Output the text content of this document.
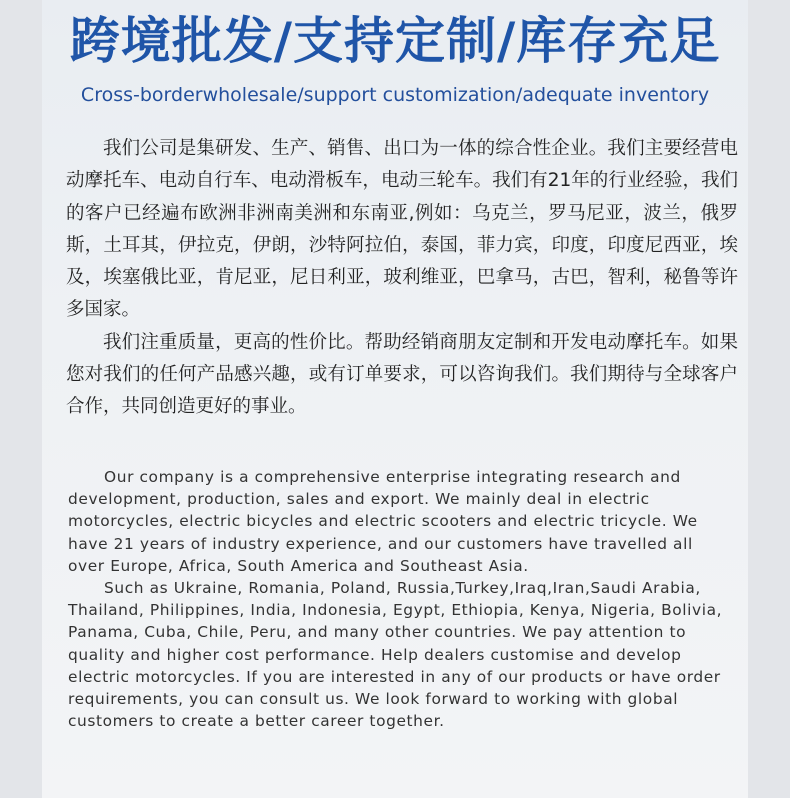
跨境批发/支持定制/库存充足
Cross-borderwholesale/support customization/adequate inventory

我们公司是集研发、生产、销售、出口为一体的综合性企业。我们主要经营电动摩托车、电动自行车、电动滑板车，电动三轮车。我们有21年的行业经验，我们的客户已经遍布欧洲非洲南美洲和东南亚,例如：乌克兰，罗马尼亚，波兰，俄罗斯，土耳其，伊拉克，伊朗，沙特阿拉伯，泰国，菲力宾，印度，印度尼西亚，埃及，埃塞俄比亚，肯尼亚，尼日利亚，玻利维亚，巴拿马，古巴，智利，秘鲁等许多国家。

我们注重质量，更高的性价比。帮助经销商朋友定制和开发电动摩托车。如果您对我们的任何产品感兴趣，或有订单要求，可以咨询我们。我们期待与全球客户合作，共同创造更好的事业。

Our company is a comprehensive enterprise integrating research and development, production, sales and export. We mainly deal in electric motorcycles, electric bicycles and electric scooters and electric tricycle. We have 21 years of industry experience, and our customers have travelled all over Europe, Africa, South America and Southeast Asia.

Such as Ukraine, Romania, Poland, Russia,Turkey,Iraq,Iran,Saudi Arabia, Thailand, Philippines, India, Indonesia, Egypt, Ethiopia, Kenya, Nigeria, Bolivia, Panama, Cuba, Chile, Peru, and many other countries. We pay attention to quality and higher cost performance. Help dealers customise and develop electric motorcycles. If you are interested in any of our products or have order requirements, you can consult us. We look forward to working with global customers to create a better career together.
